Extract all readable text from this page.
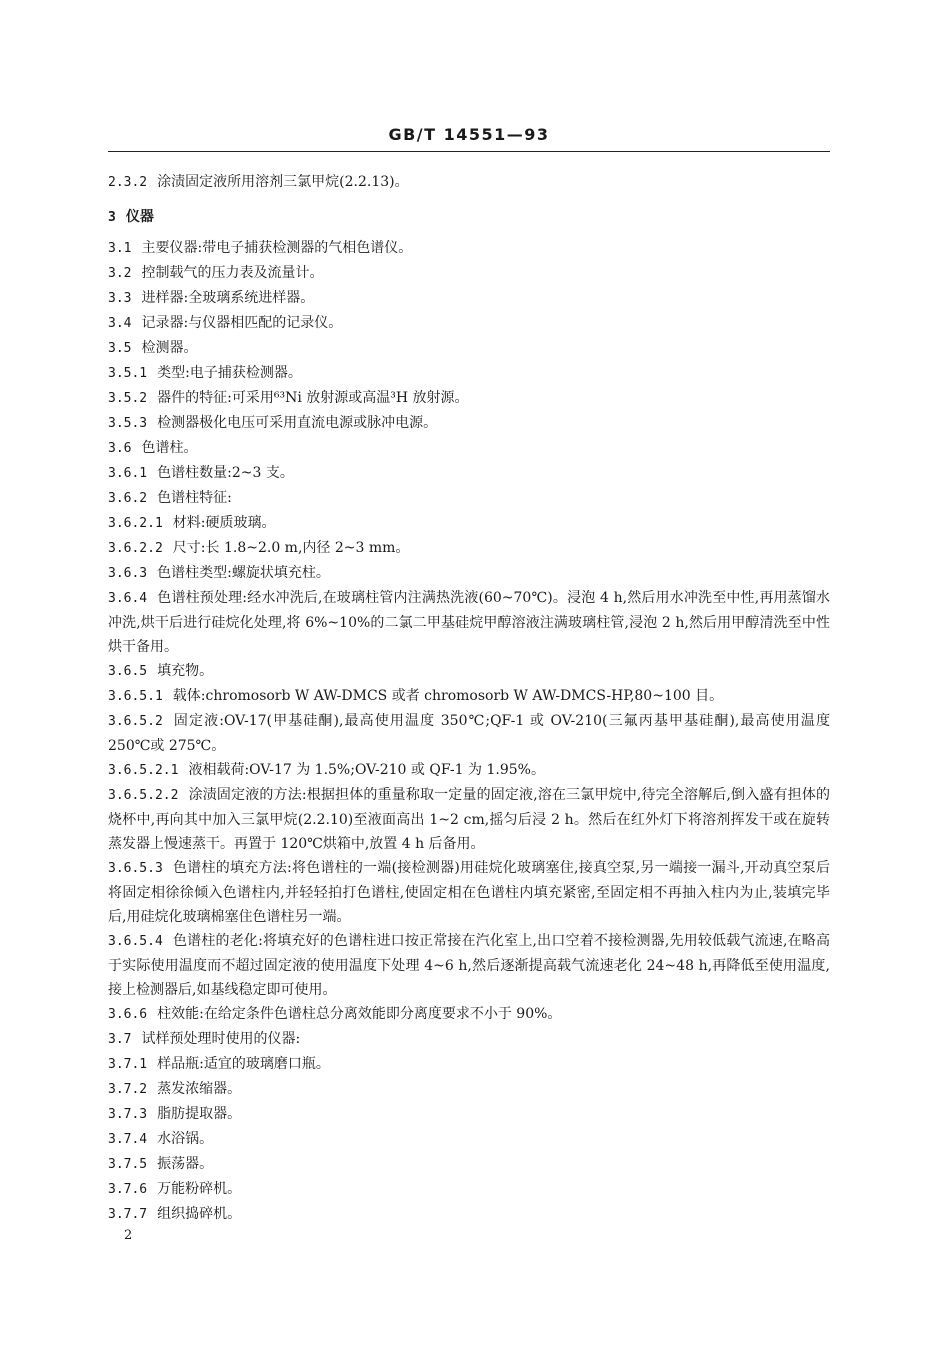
GB/T 14551—93
2.3.2 涂渍固定液所用溶剂三氯甲烷(2.2.13)。
3 仪器
3.1 主要仪器:带电子捕获检测器的气相色谱仪。
3.2 控制载气的压力表及流量计。
3.3 进样器:全玻璃系统进样器。
3.4 记录器:与仪器相匹配的记录仪。
3.5 检测器。
3.5.1 类型:电子捕获检测器。
3.5.2 器件的特征:可采用⁶³Ni 放射源或高温³H 放射源。
3.5.3 检测器极化电压可采用直流电源或脉冲电源。
3.6 色谱柱。
3.6.1 色谱柱数量:2~3 支。
3.6.2 色谱柱特征:
3.6.2.1 材料:硬质玻璃。
3.6.2.2 尺寸:长 1.8~2.0 m,内径 2~3 mm。
3.6.3 色谱柱类型:螺旋状填充柱。
3.6.4 色谱柱预处理:经水冲洗后,在玻璃柱管内注满热洗液(60~70℃)。浸泡 4 h,然后用水冲洗至中性,再用蒸馏水冲洗,烘干后进行硅烷化处理,将 6%~10%的二氯二甲基硅烷甲醇溶液注满玻璃柱管,浸泡 2 h,然后用甲醇清洗至中性烘干备用。
3.6.5 填充物。
3.6.5.1 载体:chromosorb W AW-DMCS 或者 chromosorb W AW-DMCS-HP,80~100 目。
3.6.5.2 固定液:OV-17(甲基硅酮),最高使用温度 350℃;QF-1 或 OV-210(三氟丙基甲基硅酮),最高使用温度 250℃或 275℃。
3.6.5.2.1 液相载荷:OV-17 为 1.5%;OV-210 或 QF-1 为 1.95%。
3.6.5.2.2 涂渍固定液的方法:根据担体的重量称取一定量的固定液,溶在三氯甲烷中,待完全溶解后,倒入盛有担体的烧杯中,再向其中加入三氯甲烷(2.2.10)至液面高出 1~2 cm,摇匀后浸 2 h。然后在红外灯下将溶剂挥发干或在旋转蒸发器上慢速蒸干。再置于 120℃烘箱中,放置 4 h 后备用。
3.6.5.3 色谱柱的填充方法:将色谱柱的一端(接检测器)用硅烷化玻璃塞住,接真空泵,另一端接一漏斗,开动真空泵后将固定相徐徐倾入色谱柱内,并轻轻拍打色谱柱,使固定相在色谱柱内填充紧密,至固定相不再抽入柱内为止,装填完毕后,用硅烷化玻璃棉塞住色谱柱另一端。
3.6.5.4 色谱柱的老化:将填充好的色谱柱进口按正常接在汽化室上,出口空着不接检测器,先用较低载气流速,在略高于实际使用温度而不超过固定液的使用温度下处理 4~6 h,然后逐渐提高载气流速老化 24~48 h,再降低至使用温度,接上检测器后,如基线稳定即可使用。
3.6.6 柱效能:在给定条件色谱柱总分离效能即分离度要求不小于 90%。
3.7 试样预处理时使用的仪器:
3.7.1 样品瓶:适宜的玻璃磨口瓶。
3.7.2 蒸发浓缩器。
3.7.3 脂肪提取器。
3.7.4 水浴锅。
3.7.5 振荡器。
3.7.6 万能粉碎机。
3.7.7 组织捣碎机。
2
